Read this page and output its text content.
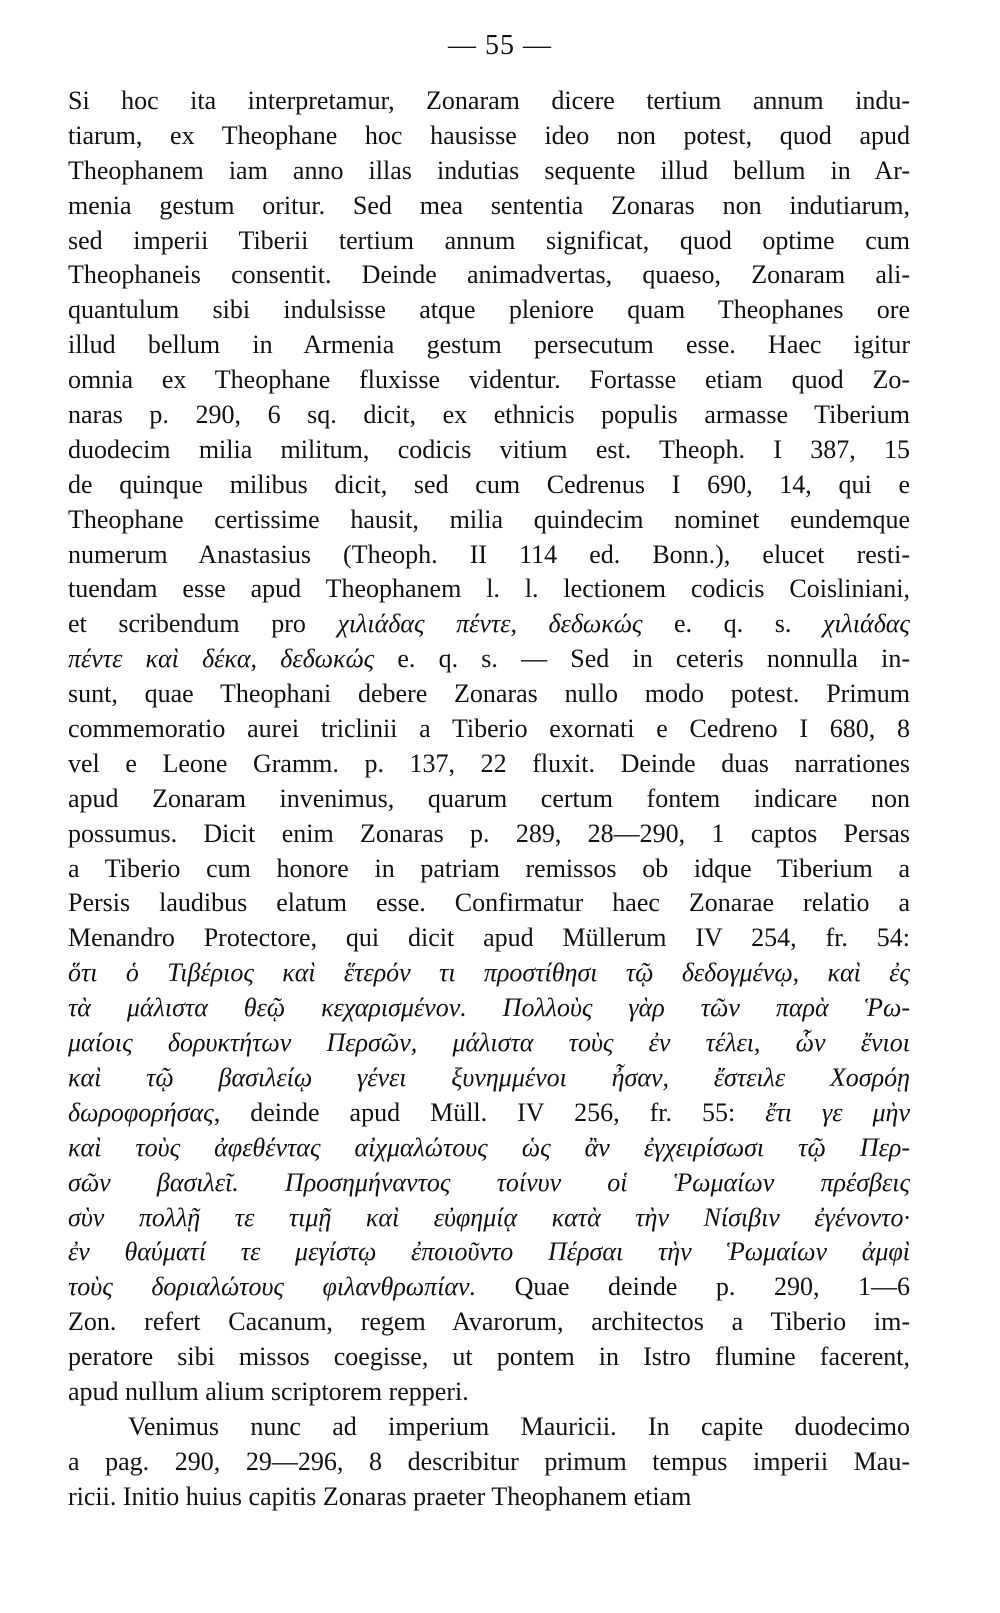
— 55 —
Si hoc ita interpretamur, Zonaram dicere tertium annum indu-
tiarum, ex Theophane hoc hausisse ideo non potest, quod apud
Theophanem iam anno illas indutias sequente illud bellum in Ar-
menia gestum oritur. Sed mea sententia Zonaras non indutiarum,
sed imperii Tiberii tertium annum significat, quod optime cum
Theophaneis consentit. Deinde animadvertas, quaeso, Zonaram ali-
quantulum sibi indulsisse atque pleniore quam Theophanes ore
illud bellum in Armenia gestum persecutum esse. Haec igitur
omnia ex Theophane fluxisse videntur. Fortasse etiam quod Zo-
naras p. 290, 6 sq. dicit, ex ethnicis populis armasse Tiberium
duodecim milia militum, codicis vitium est. Theoph. I 387, 15
de quinque milibus dicit, sed cum Cedrenus I 690, 14, qui e
Theophane certissime hausit, milia quindecim nominet eundemque
numerum Anastasius (Theoph. II 114 ed. Bonn.), elucet resti-
tuendam esse apud Theophanem l. l. lectionem codicis Coisliniani,
et scribendum pro χιλιάδας πέντε, δεδωκώς e. q. s. χιλιάδας
πέντε καὶ δέκα, δεδωκώς e. q. s. — Sed in ceteris nonnulla in-
sunt, quae Theophani debere Zonaras nullo modo potest. Primum
commemoratio aurei triclinii a Tiberio exornati e Cedreno I 680, 8
vel e Leone Gramm. p. 137, 22 fluxit. Deinde duas narrationes
apud Zonaram invenimus, quarum certum fontem indicare non
possumus. Dicit enim Zonaras p. 289, 28—290, 1 captos Persas
a Tiberio cum honore in patriam remissos ob idque Tiberium a
Persis laudibus elatum esse. Confirmatur haec Zonarae relatio a
Menandro Protectore, qui dicit apud Müllerum IV 254, fr. 54:
ὅτι ὁ Τιβέριος καὶ ἕτερόν τι προστίθησι τῷ δεδογμένῳ, καὶ ἐς
τὰ μάλιστα θεῷ κεχαρισμένον. Πολλοὺς γὰρ τῶν παρὰ Ῥω-
μαίοις δορυκτήτων Περσῶν, μάλιστα τοὺς ἐν τέλει, ὧν ἔνιοι
καὶ τῷ βασιλείῳ γένει ξυνημμένοι ἦσαν, ἔστειλε Χοσρόῃ
δωροφορήσας, deinde apud Müll. IV 256, fr. 55: ἔτι γε μὴν
καὶ τοὺς ἀφεθέντας αἰχμαλώτους ὡς ἂν ἐγχειρίσωσι τῷ Περ-
σῶν βασιλεῖ. Προσημήναντος τοίνυν οἱ Ῥωμαίων πρέσβεις
σὺν πολλῇ τε τιμῇ καὶ εὐφημίᾳ κατὰ τὴν Νίσιβιν ἐγένοντο·
ἐν θαύματί τε μεγίστῳ ἐποιοῦντο Πέρσαι τὴν Ῥωμαίων ἀμφὶ
τοὺς δοριαλώτους φιλανθρωπίαν. Quae deinde p. 290, 1—6
Zon. refert Cacanum, regem Avarorum, architectos a Tiberio im-
peratore sibi missos coegisse, ut pontem in Istro flumine facerent,
apud nullum alium scriptorem repperi.
Venimus nunc ad imperium Mauricii. In capite duodecimo
a pag. 290, 29—296, 8 describitur primum tempus imperii Mau-
ricii. Initio huius capitis Zonaras praeter Theophanem etiam
